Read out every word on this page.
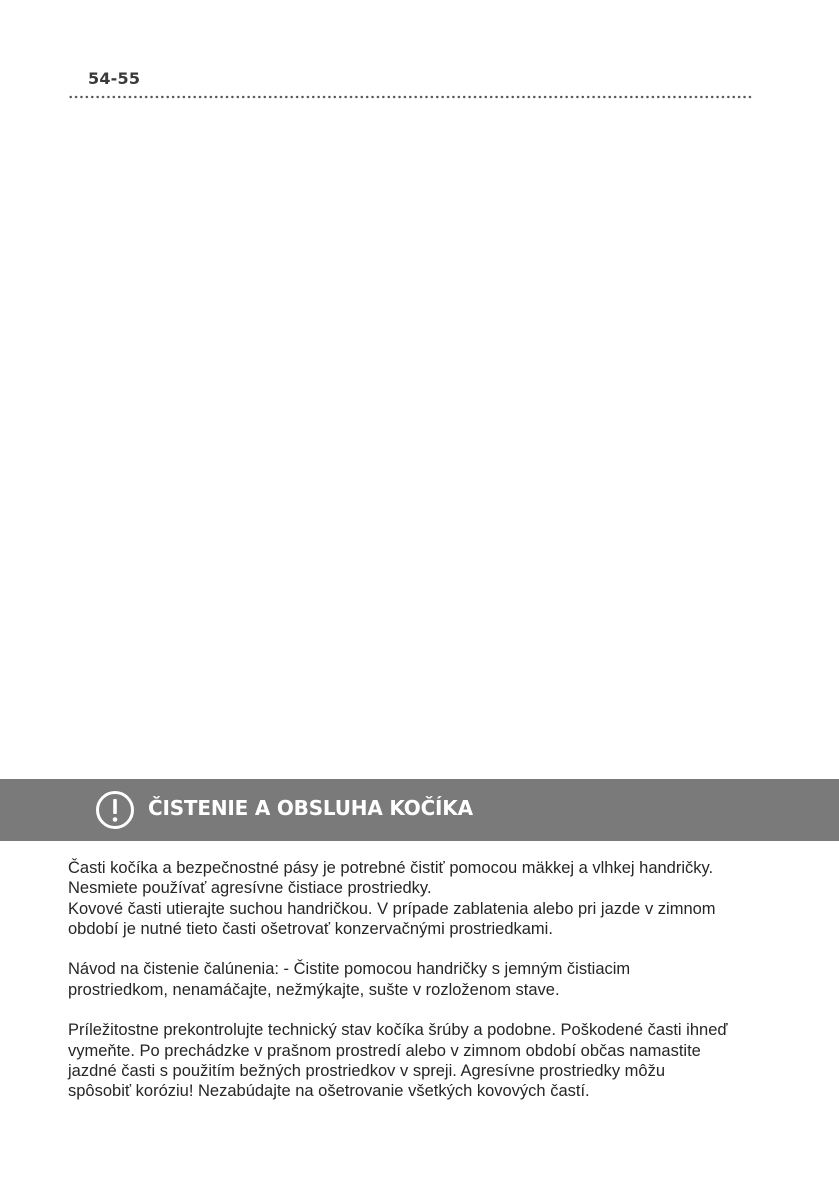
54-55
ČISTENIE A OBSLUHA KOČÍKA

Časti kočíka a bezpečnostné pásy je potrebné čistiť pomocou mäkkej a vlhkej handričky.
Nesmiete používať agresívne čistiace prostriedky.
Kovové časti utierajte suchou handričkou. V prípade zablatenia alebo pri jazde v zimnom
období je nutné tieto časti ošetrovať konzervačnými prostriedkami.

Návod na čistenie čalúnenia: - Čistite pomocou handričky s jemným čistiacim
prostriedkom, nenamáčajte, nežmýkajte, sušte v rozloženom stave.

Príležitostne prekontrolujte technický stav kočíka šrúby a podobne. Poškodené časti ihneď
vymeňte. Po prechádzke v prašnom prostredí alebo v zimnom období občas namastite
jazdné časti s použitím bežných prostriedkov v spreji. Agresívne prostriedky môžu
spôsobiť koróziu! Nezabúdajte na ošetrovanie všetkých kovových častí.
